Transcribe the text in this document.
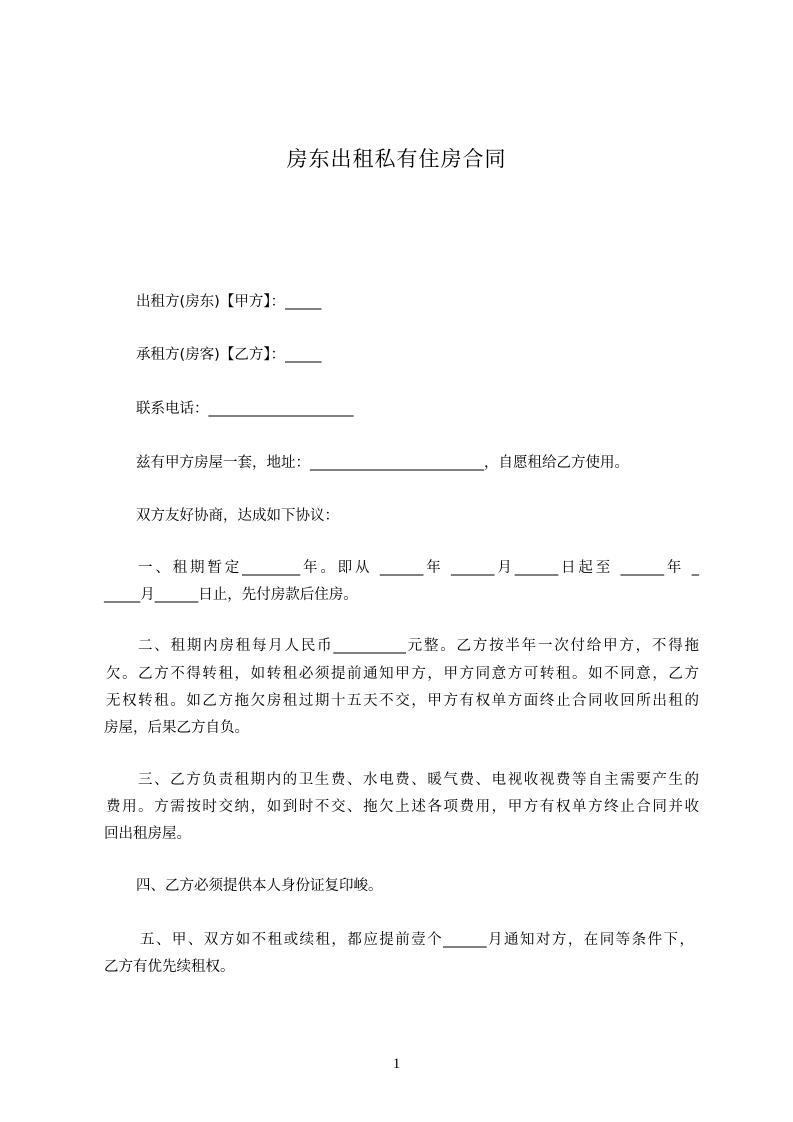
房东出租私有住房合同
出租方(房东)【甲方】：_____
承租方(房客)【乙方】：_____
联系电话：____________________
兹有甲方房屋一套，地址：________________________，自愿租给乙方使用。
双方友好协商，达成如下协议：
一、租期暂定________年。即从 ______年 ______月______日起至 ______年 _
_____月______日止，先付房款后住房。
二、租期内房租每月人民币__________元整。乙方按半年一次付给甲方，不得拖
欠。乙方不得转租，如转租必须提前通知甲方，甲方同意方可转租。如不同意，乙方
无权转租。如乙方拖欠房租过期十五天不交，甲方有权单方面终止合同收回所出租的
房屋，后果乙方自负。
三、乙方负责租期内的卫生费、水电费、暖气费、电视收视费等自主需要产生的
费用。方需按时交纳，如到时不交、拖欠上述各项费用，甲方有权单方终止合同并收
回出租房屋。
四、乙方必须提供本人身份证复印峻。
五、甲、双方如不租或续租，都应提前壹个______月通知对方，在同等条件下，
乙方有优先续租权。
1
